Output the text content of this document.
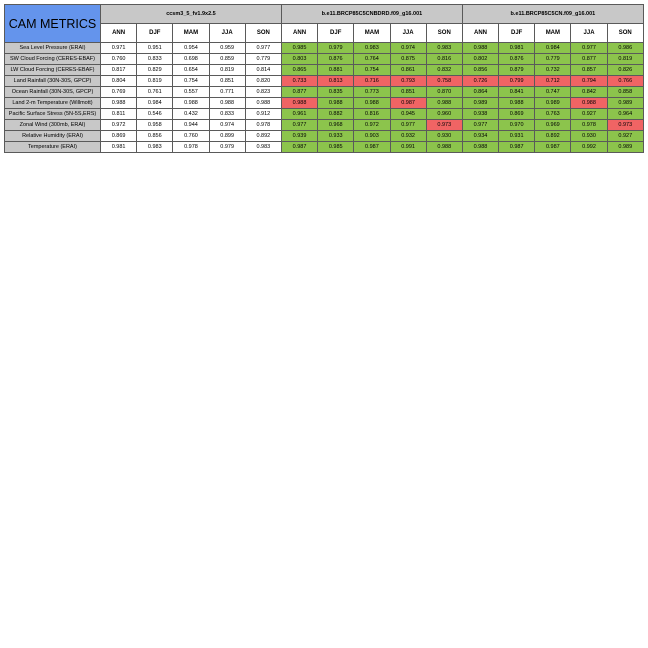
CAM METRICS	ccsm3_5_fv1.9x2.5					b.e11.BRCP85C5CNBDRD.f09_g16.001					b.e11.BRCP85C5CN.f09_g16.001				
	ANN	DJF	MAM	JJA	SON	ANN	DJF	MAM	JJA	SON	ANN	DJF	MAM	JJA	SON
Sea Level Pressure (ERAI)	0.971	0.951	0.954	0.959	0.977	0.985	0.979	0.983	0.974	0.983	0.988	0.981	0.984	0.977	0.986
SW Cloud Forcing (CERES-EBAF)	0.760	0.833	0.698	0.859	0.779	0.803	0.876	0.764	0.875	0.816	0.802	0.876	0.779	0.877	0.819
LW Cloud Forcing (CERES-EBAF)	0.817	0.829	0.654	0.819	0.814	0.865	0.881	0.754	0.861	0.832	0.856	0.879	0.732	0.857	0.826
Land Rainfall (30N-30S, GPCP)	0.804	0.819	0.754	0.851	0.820	0.733	0.813	0.716	0.793	0.758	0.726	0.799	0.712	0.794	0.766
Ocean Rainfall (30N-30S, GPCP)	0.769	0.761	0.557	0.771	0.823	0.877	0.835	0.773	0.851	0.870	0.864	0.841	0.747	0.842	0.858
Land 2-m Temperature (Willmott)	0.988	0.984	0.988	0.988	0.988	0.988	0.988	0.988	0.987	0.988	0.989	0.988	0.989	0.988	0.989
Pacific Surface Stress (5N-5S,ERS)	0.811	0.546	0.432	0.833	0.912	0.961	0.882	0.816	0.945	0.960	0.938	0.869	0.763	0.927	0.964
Zonal Wind (300mb, ERAI)	0.972	0.958	0.944	0.974	0.978	0.977	0.968	0.972	0.977	0.973	0.977	0.970	0.969	0.978	0.973
Relative Humidity (ERAI)	0.869	0.856	0.760	0.899	0.892	0.939	0.933	0.903	0.932	0.930	0.934	0.931	0.892	0.930	0.927
Temperature (ERAI)	0.981	0.983	0.978	0.979	0.983	0.987	0.985	0.987	0.991	0.988	0.988	0.987	0.987	0.992	0.989
